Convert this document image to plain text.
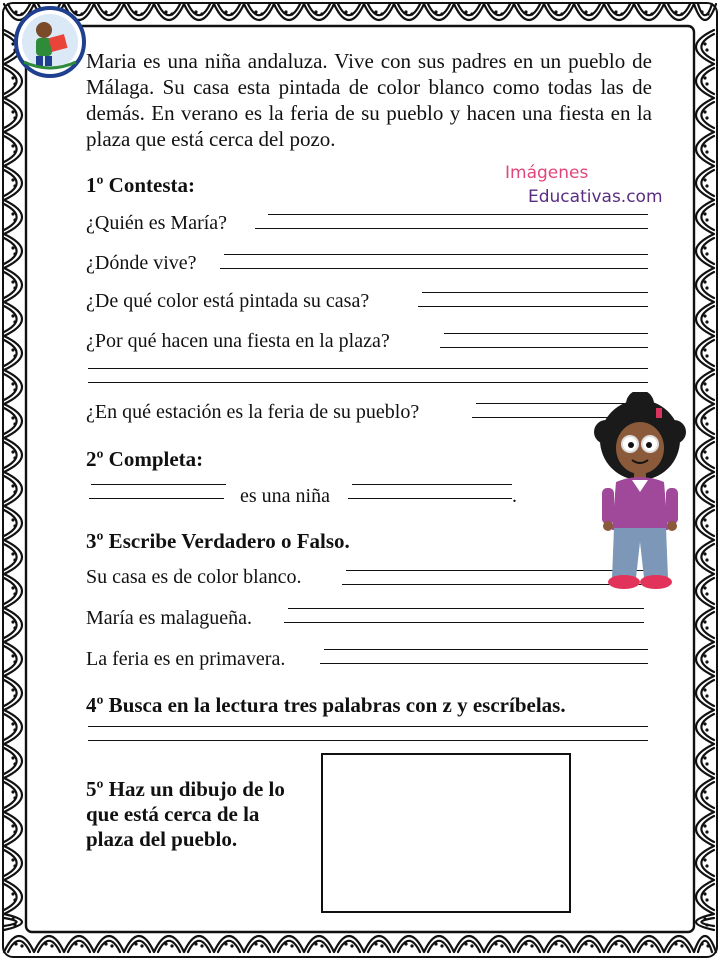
Maria es una niña andaluza. Vive con sus padres en un pueblo de Málaga. Su casa esta pintada de color blanco como todas las de demás. En verano es la feria de su pueblo y hacen una fiesta en la plaza que está cerca del pozo.
Imágenes
Educativas.com
1º Contesta:
¿Quién es María?
¿Dónde vive?
¿De qué color está pintada su casa?
¿Por qué hacen una fiesta en la plaza?
¿En qué estación es la feria de su pueblo?
2º Completa:
es una niña	.
3º Escribe Verdadero o Falso.
Su casa es de color blanco.
María es malagueña.
La feria es en primavera.
4º Busca en la lectura tres palabras con z y escríbelas.
5º Haz un dibujo de lo
que está cerca de la
plaza del pueblo.
